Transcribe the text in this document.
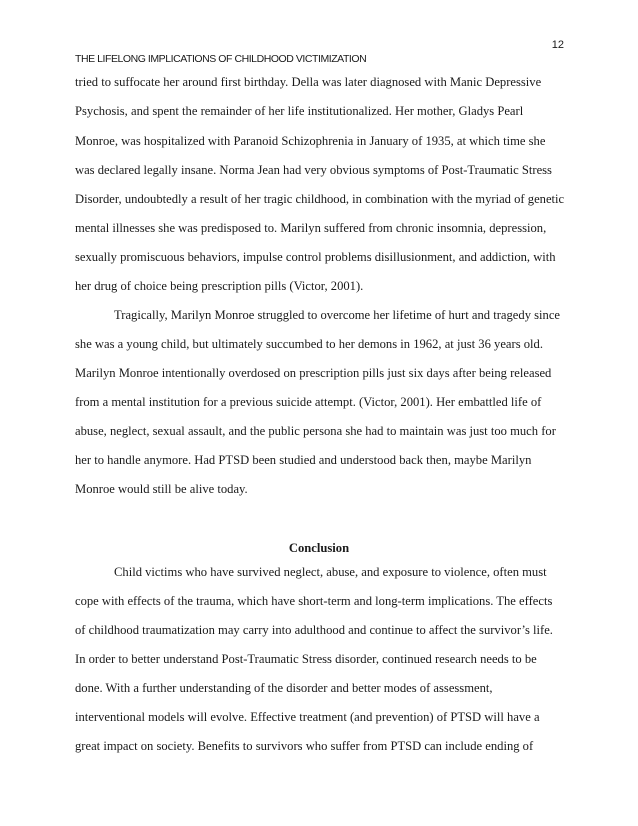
12

THE LIFELONG IMPLICATIONS OF CHILDHOOD VICTIMIZATION

tried to suffocate her around first birthday. Della was later diagnosed with Manic Depressive

Psychosis, and spent the remainder of her life institutionalized. Her mother, Gladys Pearl

Monroe, was hospitalized with Paranoid Schizophrenia in January of 1935, at which time she

was declared legally insane. Norma Jean had very obvious symptoms of Post-Traumatic Stress

Disorder, undoubtedly a result of her tragic childhood, in combination with the myriad of genetic

mental illnesses she was predisposed to. Marilyn suffered from chronic insomnia, depression,

sexually promiscuous behaviors, impulse control problems disillusionment, and addiction, with

her drug of choice being prescription pills (Victor, 2001).

Tragically, Marilyn Monroe struggled to overcome her lifetime of hurt and tragedy since

she was a young child, but ultimately succumbed to her demons in 1962, at just 36 years old.

Marilyn Monroe intentionally overdosed on prescription pills just six days after being released

from a mental institution for a previous suicide attempt. (Victor, 2001). Her embattled life of

abuse, neglect, sexual assault, and the public persona she had to maintain was just too much for

her to handle anymore. Had PTSD been studied and understood back then, maybe Marilyn

Monroe would still be alive today.

Conclusion

Child victims who have survived neglect, abuse, and exposure to violence, often must

cope with effects of the trauma, which have short-term and long-term implications. The effects

of childhood traumatization may carry into adulthood and continue to affect the survivor’s life.

In order to better understand Post-Traumatic Stress disorder, continued research needs to be

done. With a further understanding of the disorder and better modes of assessment,

interventional models will evolve. Effective treatment (and prevention) of PTSD will have a

great impact on society. Benefits to survivors who suffer from PTSD can include ending of
